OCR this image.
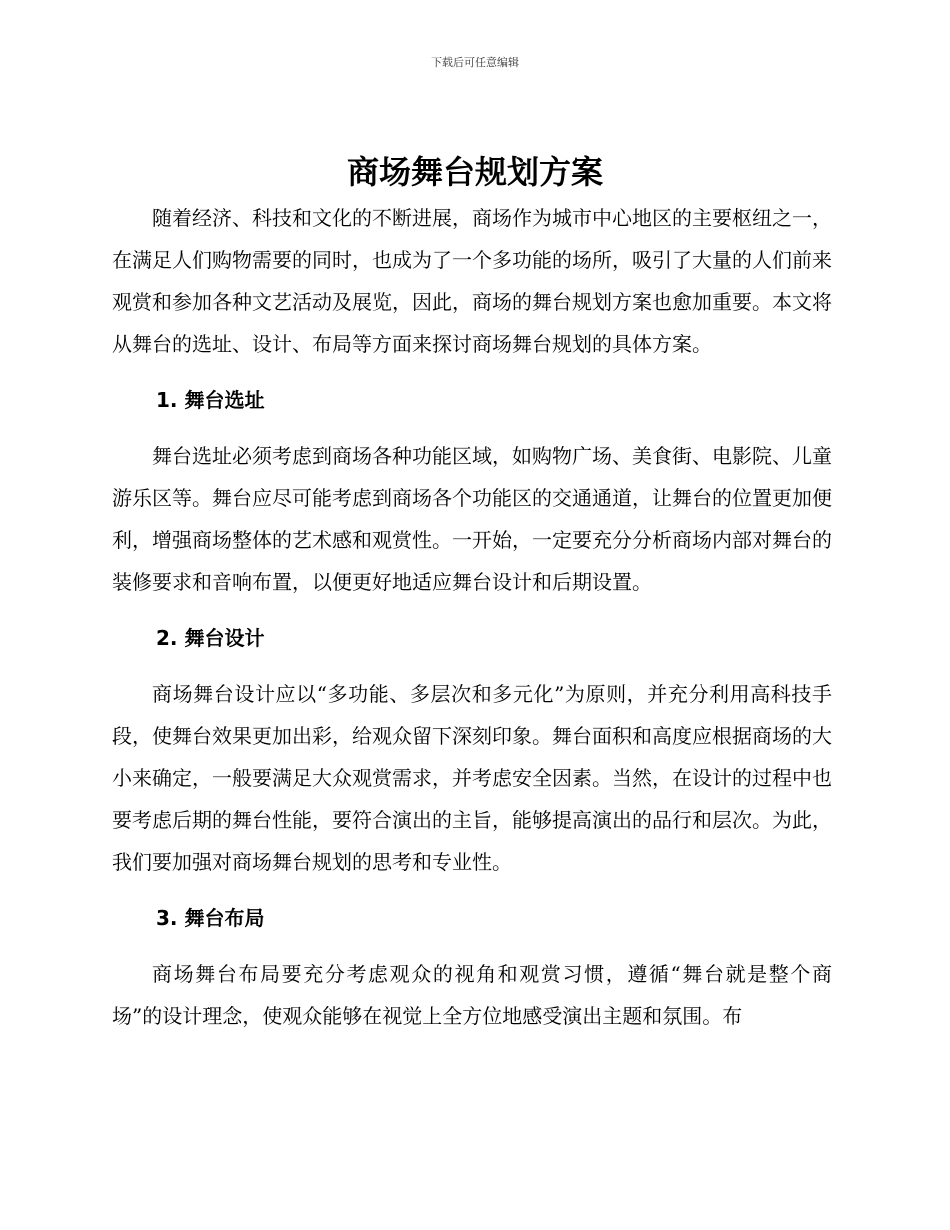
下载后可任意编辑
商场舞台规划方案

随着经济、科技和文化的不断进展，商场作为城市中心地区的主要枢纽之一，在满足人们购物需要的同时，也成为了一个多功能的场所，吸引了大量的人们前来观赏和参加各种文艺活动及展览，因此，商场的舞台规划方案也愈加重要。本文将从舞台的选址、设计、布局等方面来探讨商场舞台规划的具体方案。

1. 舞台选址

舞台选址必须考虑到商场各种功能区域，如购物广场、美食街、电影院、儿童游乐区等。舞台应尽可能考虑到商场各个功能区的交通通道，让舞台的位置更加便利，增强商场整体的艺术感和观赏性。一开始，一定要充分分析商场内部对舞台的装修要求和音响布置，以便更好地适应舞台设计和后期设置。

2. 舞台设计

商场舞台设计应以“多功能、多层次和多元化”为原则，并充分利用高科技手段，使舞台效果更加出彩，给观众留下深刻印象。舞台面积和高度应根据商场的大小来确定，一般要满足大众观赏需求，并考虑安全因素。当然，在设计的过程中也要考虑后期的舞台性能，要符合演出的主旨，能够提高演出的品行和层次。为此，我们要加强对商场舞台规划的思考和专业性。

3. 舞台布局

商场舞台布局要充分考虑观众的视角和观赏习惯，遵循“舞台就是整个商场”的设计理念，使观众能够在视觉上全方位地感受演出主题和氛围。布
